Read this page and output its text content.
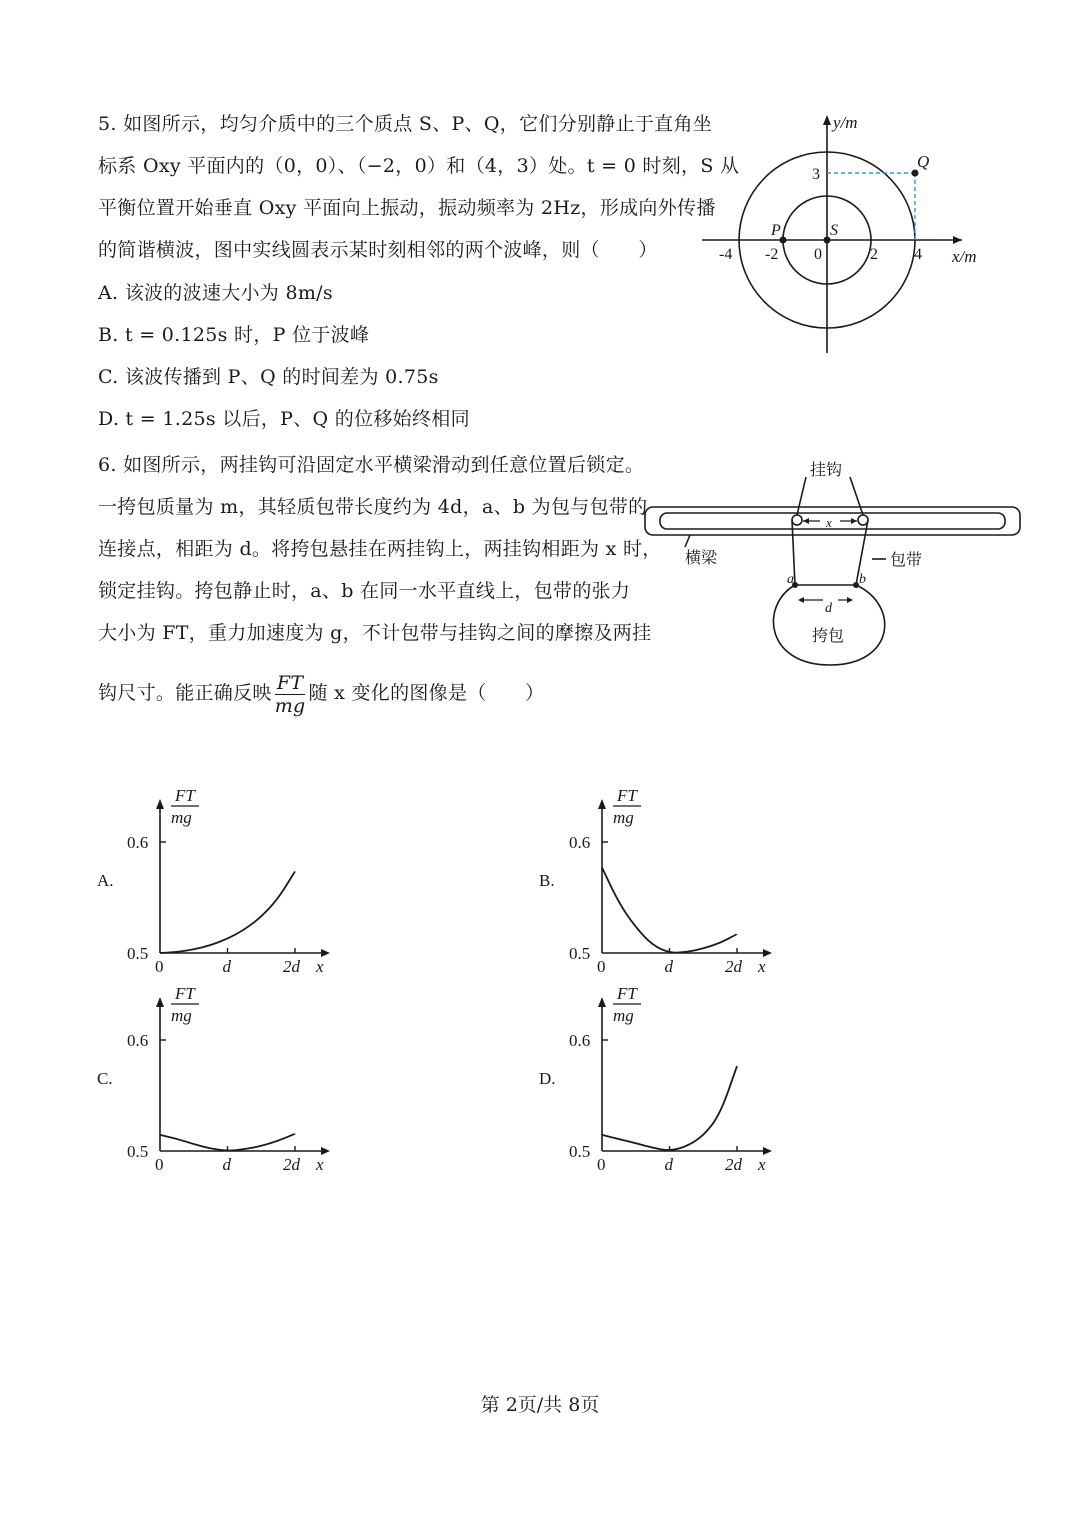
5. 如图所示，均匀介质中的三个质点 S、P、Q，它们分别静止于直角坐
标系 Oxy 平面内的（0，0）、（−2，0）和（4，3）处。t = 0 时刻，S 从
平衡位置开始垂直 Oxy 平面向上振动，振动频率为 2Hz，形成向外传播
的简谐横波，图中实线圆表示某时刻相邻的两个波峰，则（　　）
A. 该波的波速大小为 8m/s
B. t = 0.125s 时，P 位于波峰
C. 该波传播到 P、Q 的时间差为 0.75s
D. t = 1.25s 以后，P、Q 的位移始终相同
y/m
x/m
0
-4 -2	2 4
3
P	S
Q
6. 如图所示，两挂钩可沿固定水平横梁滑动到任意位置后锁定。
一挎包质量为 m，其轻质包带长度约为 4d，a、b 为包与包带的
连接点，相距为 d。将挎包悬挂在两挂钩上，两挂钩相距为 x 时，
锁定挂钩。挎包静止时，a、b 在同一水平直线上，包带的张力
大小为 FT，重力加速度为 g，不计包带与挂钩之间的摩擦及两挂
钩尺寸。能正确反映 $\frac{FT}{mg}$ 随 x 变化的图像是（　　）
挂钩
横梁	包带
挎包
a	b
d
x
A.
FT
mg
0.6
0.5
0	d	2d x
B.
FT
mg
0.6
0.5
0	d	2d x
C.
FT
mg
0.6
0.5
0	d	2d x
D.
FT
mg
0.6
0.5
0	d	2d x
第 2页/共 8页
